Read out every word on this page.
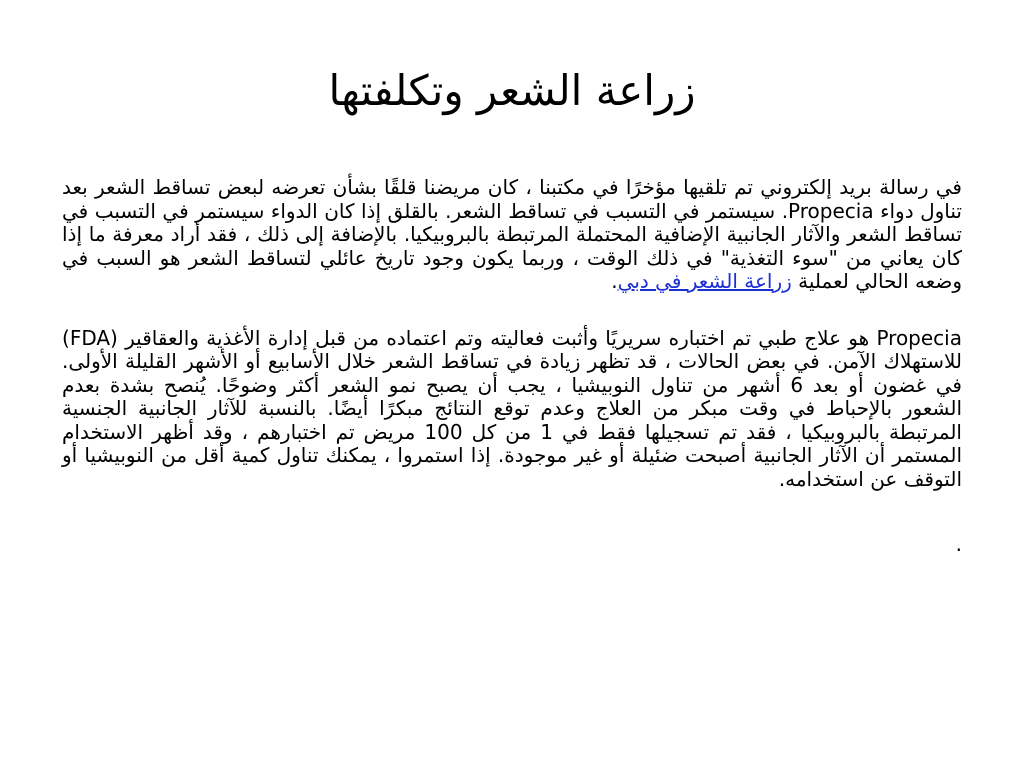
زراعة الشعر وتكلفتها

في رسالة بريد إلكتروني تم تلقيها مؤخرًا في مكتبنا ، كان مريضنا قلقًا بشأن تعرضه لبعض تساقط الشعر بعد تناول دواء Propecia. سيستمر في التسبب في تساقط الشعر. بالقلق إذا كان الدواء سيستمر في التسبب في تساقط الشعر والآثار الجانبية الإضافية المحتملة المرتبطة بالبروبيكيا. بالإضافة إلى ذلك ، فقد أراد معرفة ما إذا كان يعاني من "سوء التغذية" في ذلك الوقت ، وربما يكون وجود تاريخ عائلي لتساقط الشعر هو السبب في وضعه الحالي لعملية زراعة الشعر في دبي.

Propecia هو علاج طبي تم اختباره سريريًا وأثبت فعاليته وتم اعتماده من قبل إدارة الأغذية والعقاقير (FDA) للاستهلاك الآمن. في بعض الحالات ، قد تظهر زيادة في تساقط الشعر خلال الأسابيع أو الأشهر القليلة الأولى. في غضون أو بعد 6 أشهر من تناول النوبيشيا ، يجب أن يصبح نمو الشعر أكثر وضوحًا. يُنصح بشدة بعدم الشعور بالإحباط في وقت مبكر من العلاج وعدم توقع النتائج مبكرًا أيضًا. بالنسبة للآثار الجانبية الجنسية المرتبطة بالبروبيكيا ، فقد تم تسجيلها فقط في 1 من كل 100 مريض تم اختبارهم ، وقد أظهر الاستخدام المستمر أن الآثار الجانبية أصبحت ضئيلة أو غير موجودة. إذا استمروا ، يمكنك تناول كمية أقل من النوبيشيا أو التوقف عن استخدامه.

.
